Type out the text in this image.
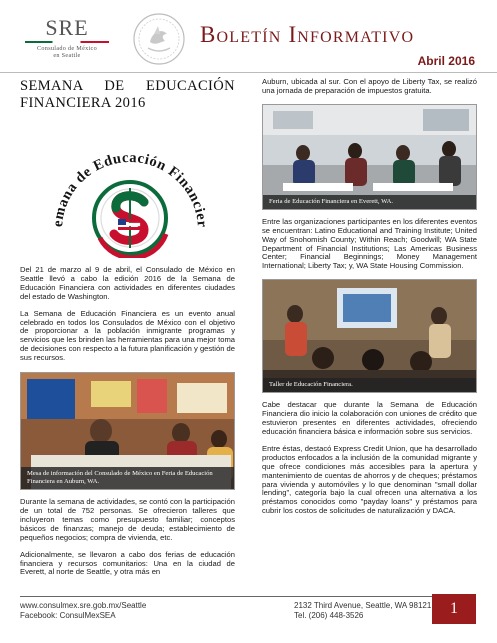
SRE
Consulado de México
en Seattle
Boletín Informativo
Abril 2016
SEMANA DE EDUCACIÓN FINANCIERA 2016
emana de Educación Financier
Del 21 de marzo al 9 de abril, el Consulado de México en Seattle llevó a cabo la edición 2016 de la Semana de Educación Financiera con actividades en diferentes ciudades del estado de Washington.
La Semana de Educación Financiera es un evento anual celebrado en todos los Consulados de México con el objetivo de proporcionar a la población inmigrante programas y servicios que les brinden las herramientas para una mejor toma de decisiones con respecto a la futura planificación y gestión de sus recursos.
Mesa de información del Consulado de México en Feria de Educación Financiera en Auburn, WA.
Durante la semana de actividades, se contó con la participación de un total de 752 personas. Se ofrecieron talleres que incluyeron temas como presupuesto familiar; conceptos básicos de finanzas; manejo de deuda; establecimiento de pequeños negocios; compra de vivienda, etc.
Adicionalmente, se llevaron a cabo dos ferias de educación financiera y recursos comunitarios: Una en la ciudad de Everett, al norte de Seattle, y otra más en
Auburn, ubicada al sur. Con el apoyo de Liberty Tax, se realizó una jornada de preparación de impuestos gratuita.
Feria de Educación Financiera en Everett, WA.
Entre las organizaciones participantes en los diferentes eventos se encuentran: Latino Educational and Training Institute; United Way of Snohomish County; Within Reach; Goodwill; WA State Department of Financial Institutions; Las Americas Business Center; Financial Beginnings; Money Management International; Liberty Tax; y, WA State Housing Commission.
Taller de Educación Financiera.
Cabe destacar que durante la Semana de Educación Financiera dio inicio la colaboración con uniones de crédito que estuvieron presentes en diferentes actividades, ofreciendo educación financiera básica e información sobre sus servicios.
Entre éstas, destacó Express Credit Union, que ha desarrollado productos enfocados a la inclusión de la comunidad migrante y que ofrece condiciones más accesibles para la apertura y mantenimiento de cuentas de ahorros y de cheques; préstamos para vivienda y automóviles y lo que denominan "small dollar lending", categoría bajo la cual ofrecen una alternativa a los préstamos conocidos como "payday loans" y préstamos para cubrir los costos de solicitudes de naturalización y DACA.
www.consulmex.sre.gob.mx/Seattle
Facebook: ConsulMexSEA
2132 Third Avenue, Seattle, WA 98121
Tel. (206) 448-3526	1
